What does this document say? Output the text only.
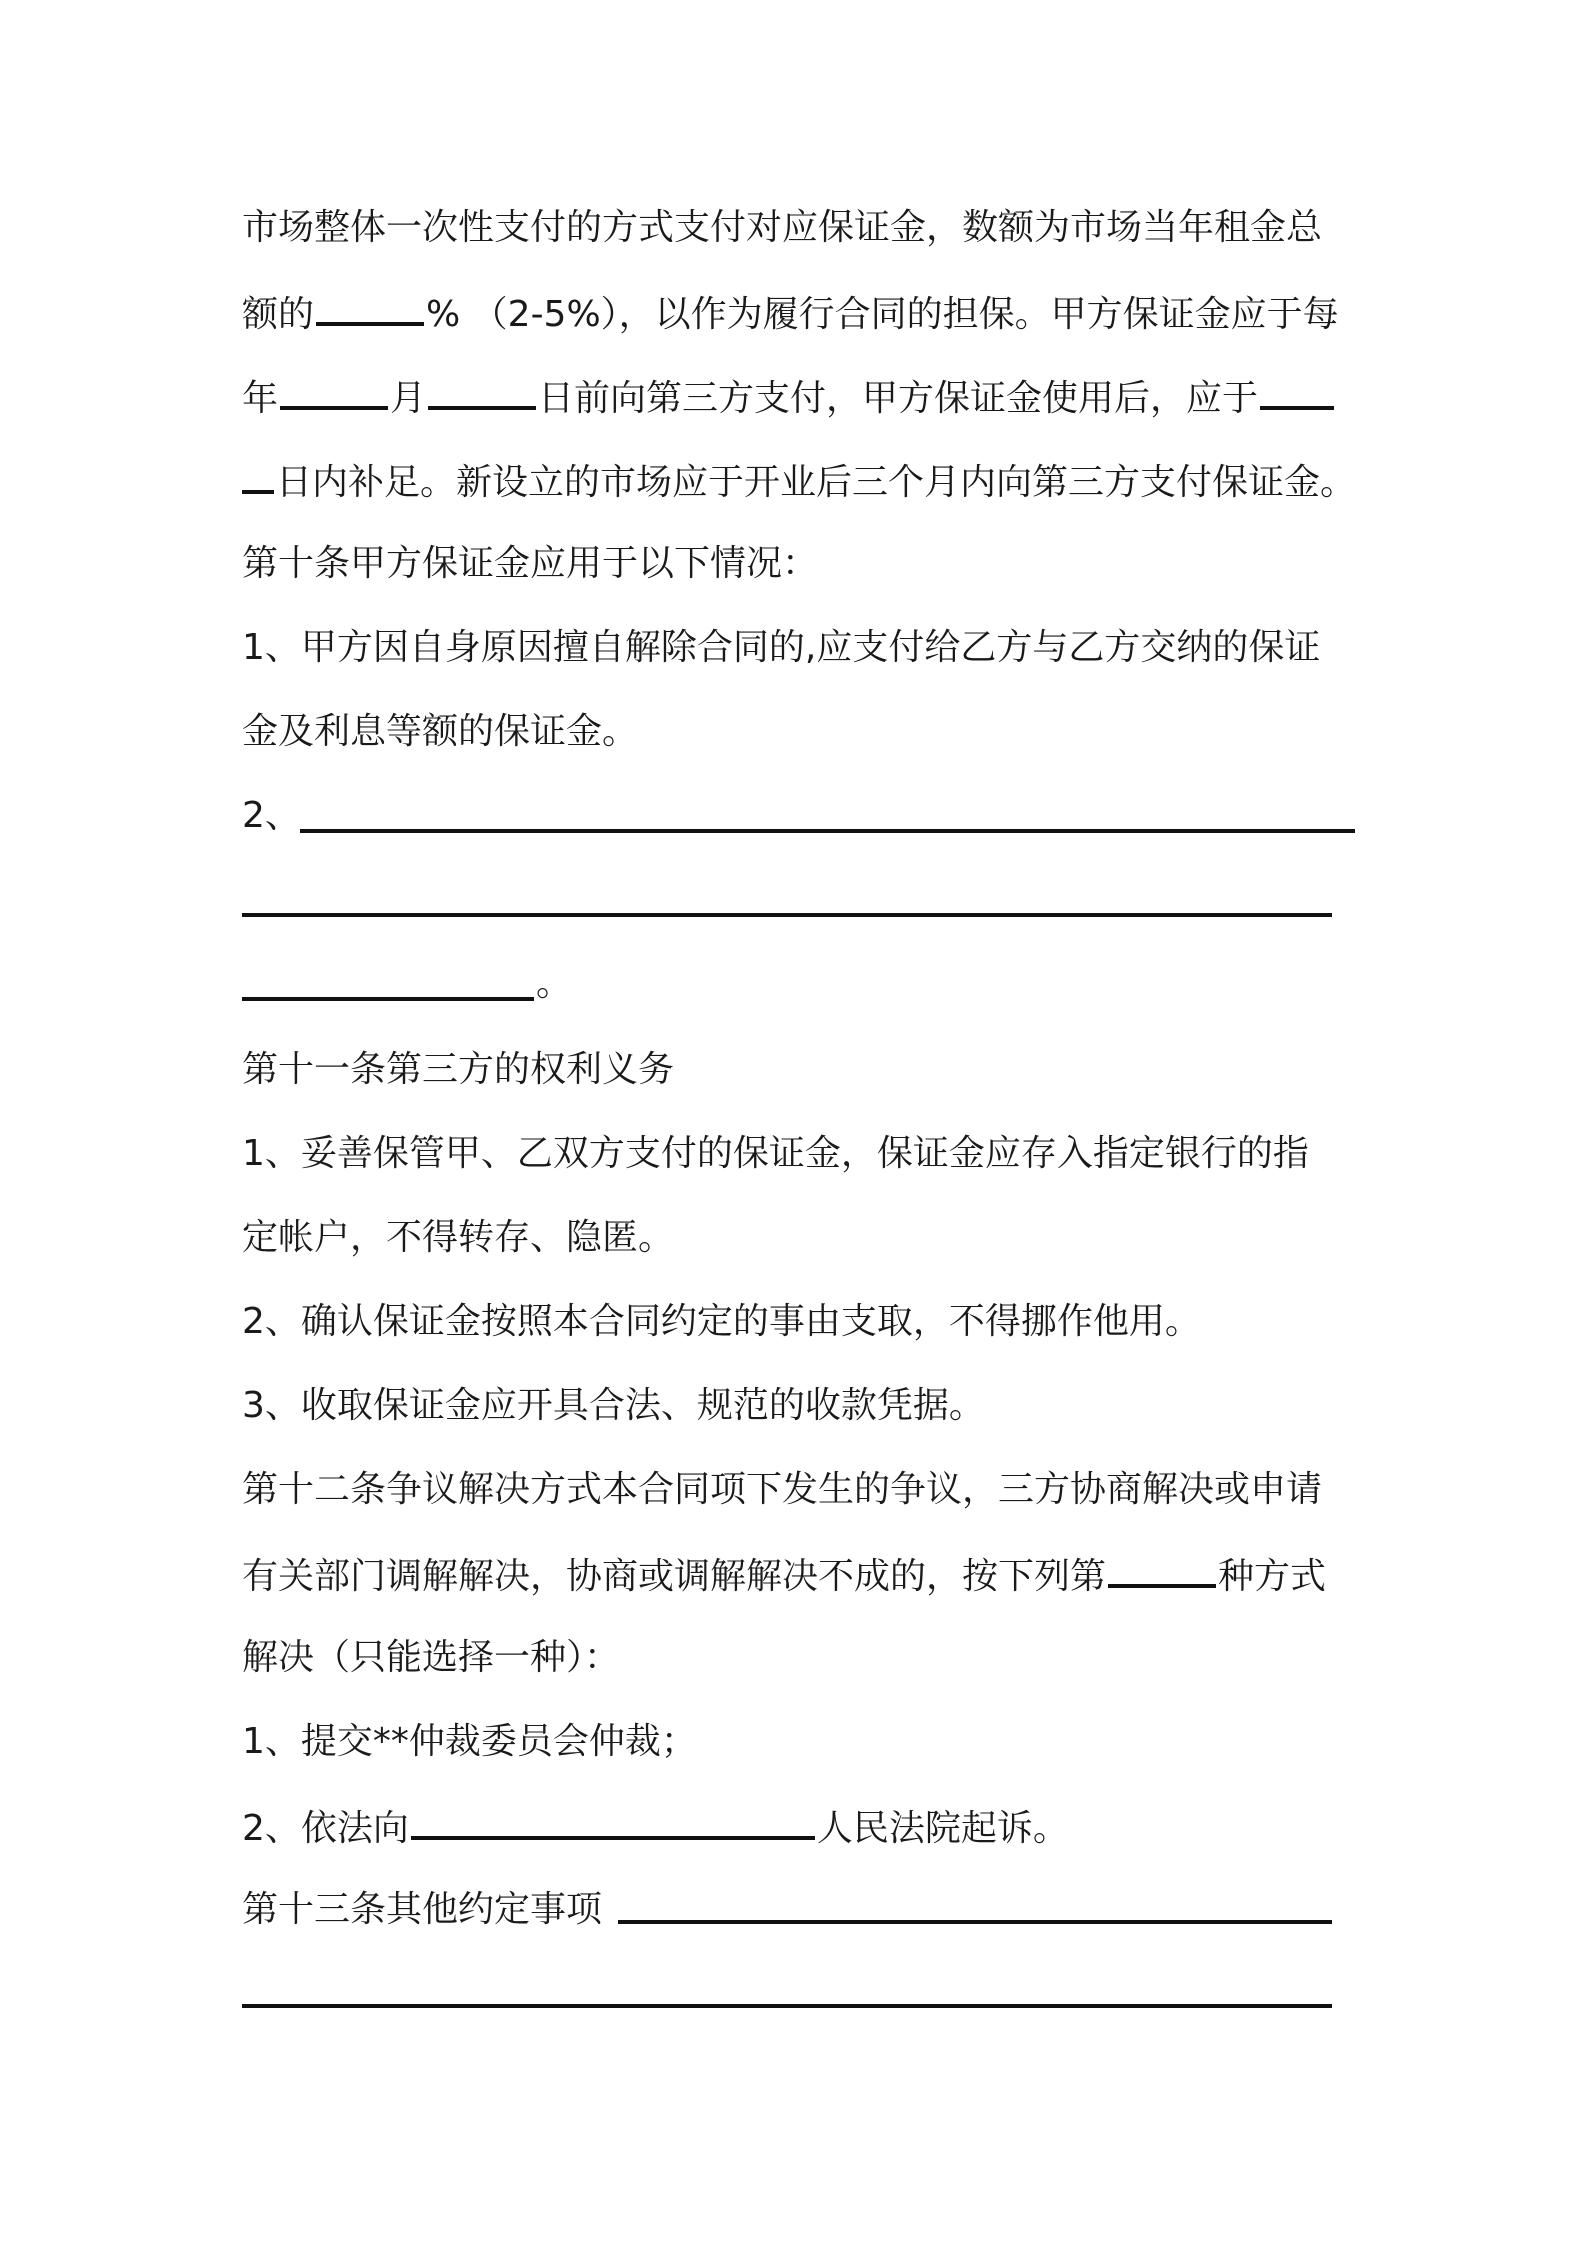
市场整体一次性支付的方式支付对应保证金，数额为市场当年租金总
额的	% （2-5%），以作为履行合同的担保。甲方保证金应于每
年	月	日前向第三方支付，甲方保证金使用后，应于
日内补足。新设立的市场应于开业后三个月内向第三方支付保证金。
第十条甲方保证金应用于以下情况：
1、甲方因自身原因擅自解除合同的,应支付给乙方与乙方交纳的保证
金及利息等额的保证金。
2、
。
第十一条第三方的权利义务
1、妥善保管甲、乙双方支付的保证金，保证金应存入指定银行的指
定帐户，不得转存、隐匿。
2、确认保证金按照本合同约定的事由支取，不得挪作他用。
3、收取保证金应开具合法、规范的收款凭据。
第十二条争议解决方式本合同项下发生的争议，三方协商解决或申请
有关部门调解解决，协商或调解解决不成的，按下列第	种方式
解决（只能选择一种）：
1、提交**仲裁委员会仲裁；
2、依法向	人民法院起诉。
第十三条其他约定事项
